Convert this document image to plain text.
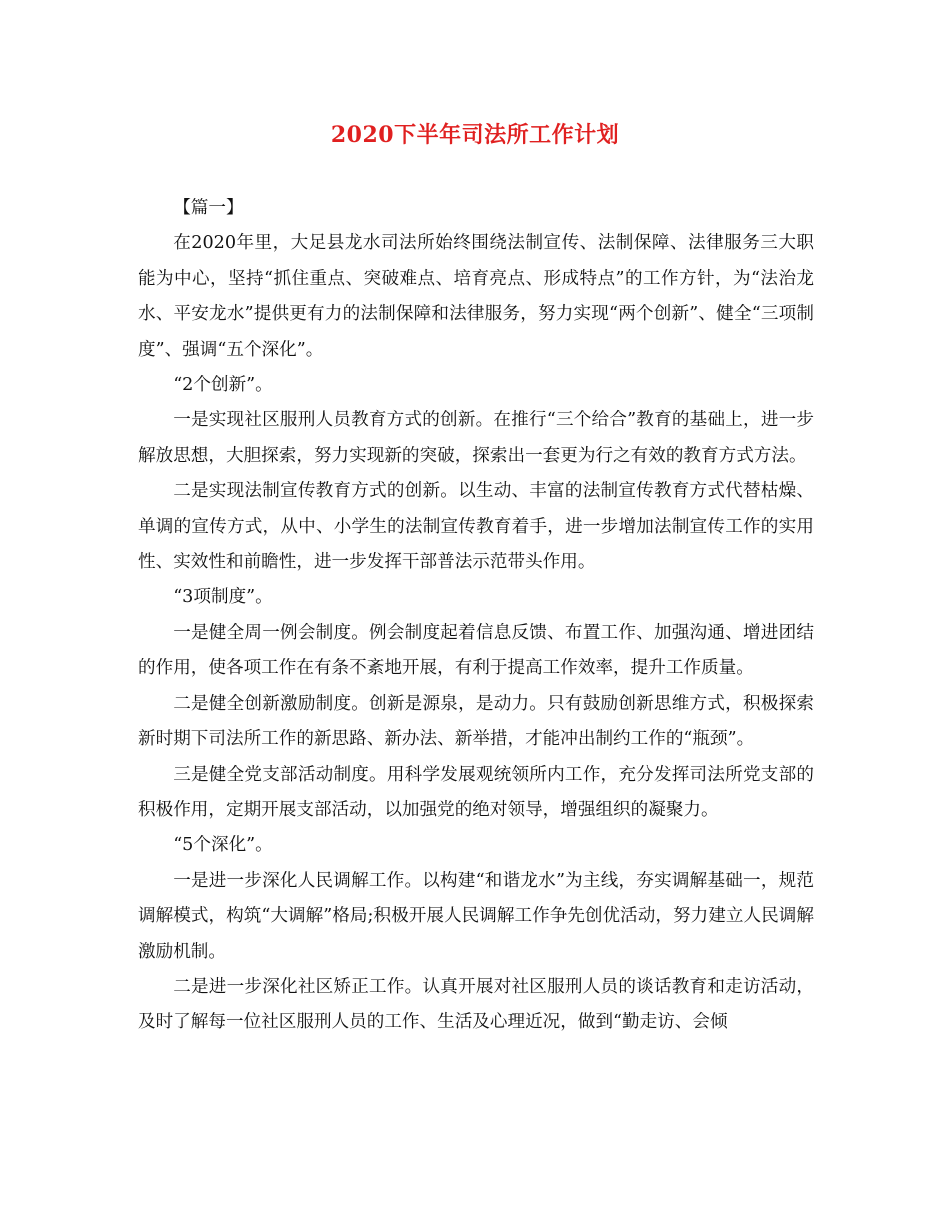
2020下半年司法所工作计划

【篇一】

在2020年里，大足县龙水司法所始终围绕法制宣传、法制保障、法律服务三大职能为中心，坚持“抓住重点、突破难点、培育亮点、形成特点”的工作方针，为“法治龙水、平安龙水”提供更有力的法制保障和法律服务，努力实现“两个创新”、健全“三项制度”、强调“五个深化”。

“2个创新”。

一是实现社区服刑人员教育方式的创新。在推行“三个给合”教育的基础上，进一步解放思想，大胆探索，努力实现新的突破，探索出一套更为行之有效的教育方式方法。

二是实现法制宣传教育方式的创新。以生动、丰富的法制宣传教育方式代替枯燥、单调的宣传方式，从中、小学生的法制宣传教育着手，进一步增加法制宣传工作的实用性、实效性和前瞻性，进一步发挥干部普法示范带头作用。

“3项制度”。

一是健全周一例会制度。例会制度起着信息反馈、布置工作、加强沟通、增进团结的作用，使各项工作在有条不紊地开展，有利于提高工作效率，提升工作质量。

二是健全创新激励制度。创新是源泉，是动力。只有鼓励创新思维方式，积极探索新时期下司法所工作的新思路、新办法、新举措，才能冲出制约工作的“瓶颈”。

三是健全党支部活动制度。用科学发展观统领所内工作，充分发挥司法所党支部的积极作用，定期开展支部活动，以加强党的绝对领导，增强组织的凝聚力。

“5个深化”。

一是进一步深化人民调解工作。以构建“和谐龙水”为主线，夯实调解基础一，规范调解模式，构筑“大调解”格局;积极开展人民调解工作争先创优活动，努力建立人民调解激励机制。

二是进一步深化社区矫正工作。认真开展对社区服刑人员的谈话教育和走访活动，及时了解每一位社区服刑人员的工作、生活及心理近况，做到“勤走访、会倾
